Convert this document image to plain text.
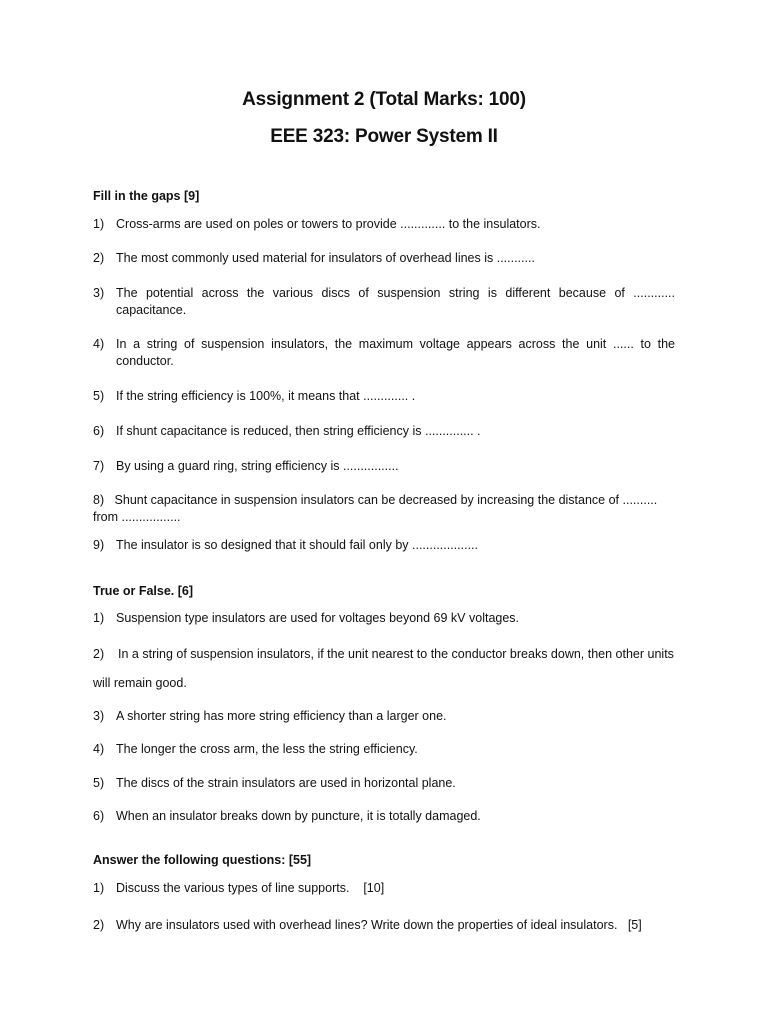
Assignment 2 (Total Marks: 100)
EEE 323: Power System II
Fill in the gaps [9]
1) Cross-arms are used on poles or towers to provide ............. to the insulators.
2) The most commonly used material for insulators of overhead lines is ...........
3) The potential across the various discs of suspension string is different because of ............ capacitance.
4) In a string of suspension insulators, the maximum voltage appears across the unit ...... to the conductor.
5) If the string efficiency is 100%, it means that ............. .
6) If shunt capacitance is reduced, then string efficiency is .............. .
7) By using a guard ring, string efficiency is ................
8) Shunt capacitance in suspension insulators can be decreased by increasing the distance of .......... from .................
9) The insulator is so designed that it should fail only by ...................
True or False. [6]
1) Suspension type insulators are used for voltages beyond 69 kV voltages.
2) In a string of suspension insulators, if the unit nearest to the conductor breaks down, then other units will remain good.
3) A shorter string has more string efficiency than a larger one.
4) The longer the cross arm, the less the string efficiency.
5) The discs of the strain insulators are used in horizontal plane.
6) When an insulator breaks down by puncture, it is totally damaged.
Answer the following questions: [55]
1) Discuss the various types of line supports.    [10]
2) Why are insulators used with overhead lines? Write down the properties of ideal insulators.   [5]
